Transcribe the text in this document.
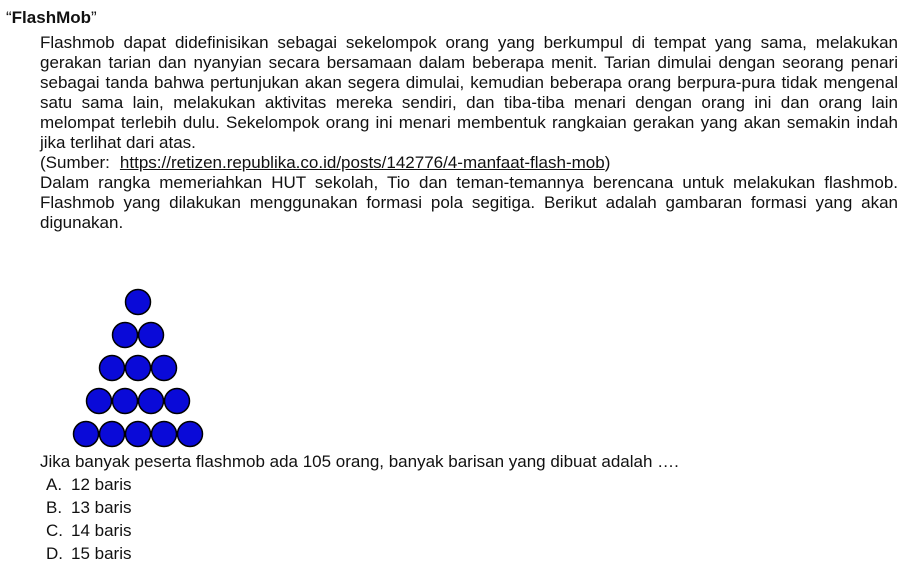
“FlashMob”

Flashmob dapat didefinisikan sebagai sekelompok orang yang berkumpul di tempat yang sama, melakukan gerakan tarian dan nyanyian secara bersamaan dalam beberapa menit. Tarian dimulai dengan seorang penari sebagai tanda bahwa pertunjukan akan segera dimulai, kemudian beberapa orang berpura-pura tidak mengenal satu sama lain, melakukan aktivitas mereka sendiri, dan tiba-tiba menari dengan orang ini dan orang lain melompat terlebih dulu. Sekelompok orang ini menari membentuk rangkaian gerakan yang akan semakin indah jika terlihat dari atas.

(Sumber: https://retizen.republika.co.id/posts/142776/4-manfaat-flash-mob)

Dalam rangka memeriahkan HUT sekolah, Tio dan teman-temannya berencana untuk melakukan flashmob. Flashmob yang dilakukan menggunakan formasi pola segitiga. Berikut adalah gambaran formasi yang akan digunakan.

Jika banyak peserta flashmob ada 105 orang, banyak barisan yang dibuat adalah ….
A. 12 baris
B. 13 baris
C. 14 baris
D. 15 baris
